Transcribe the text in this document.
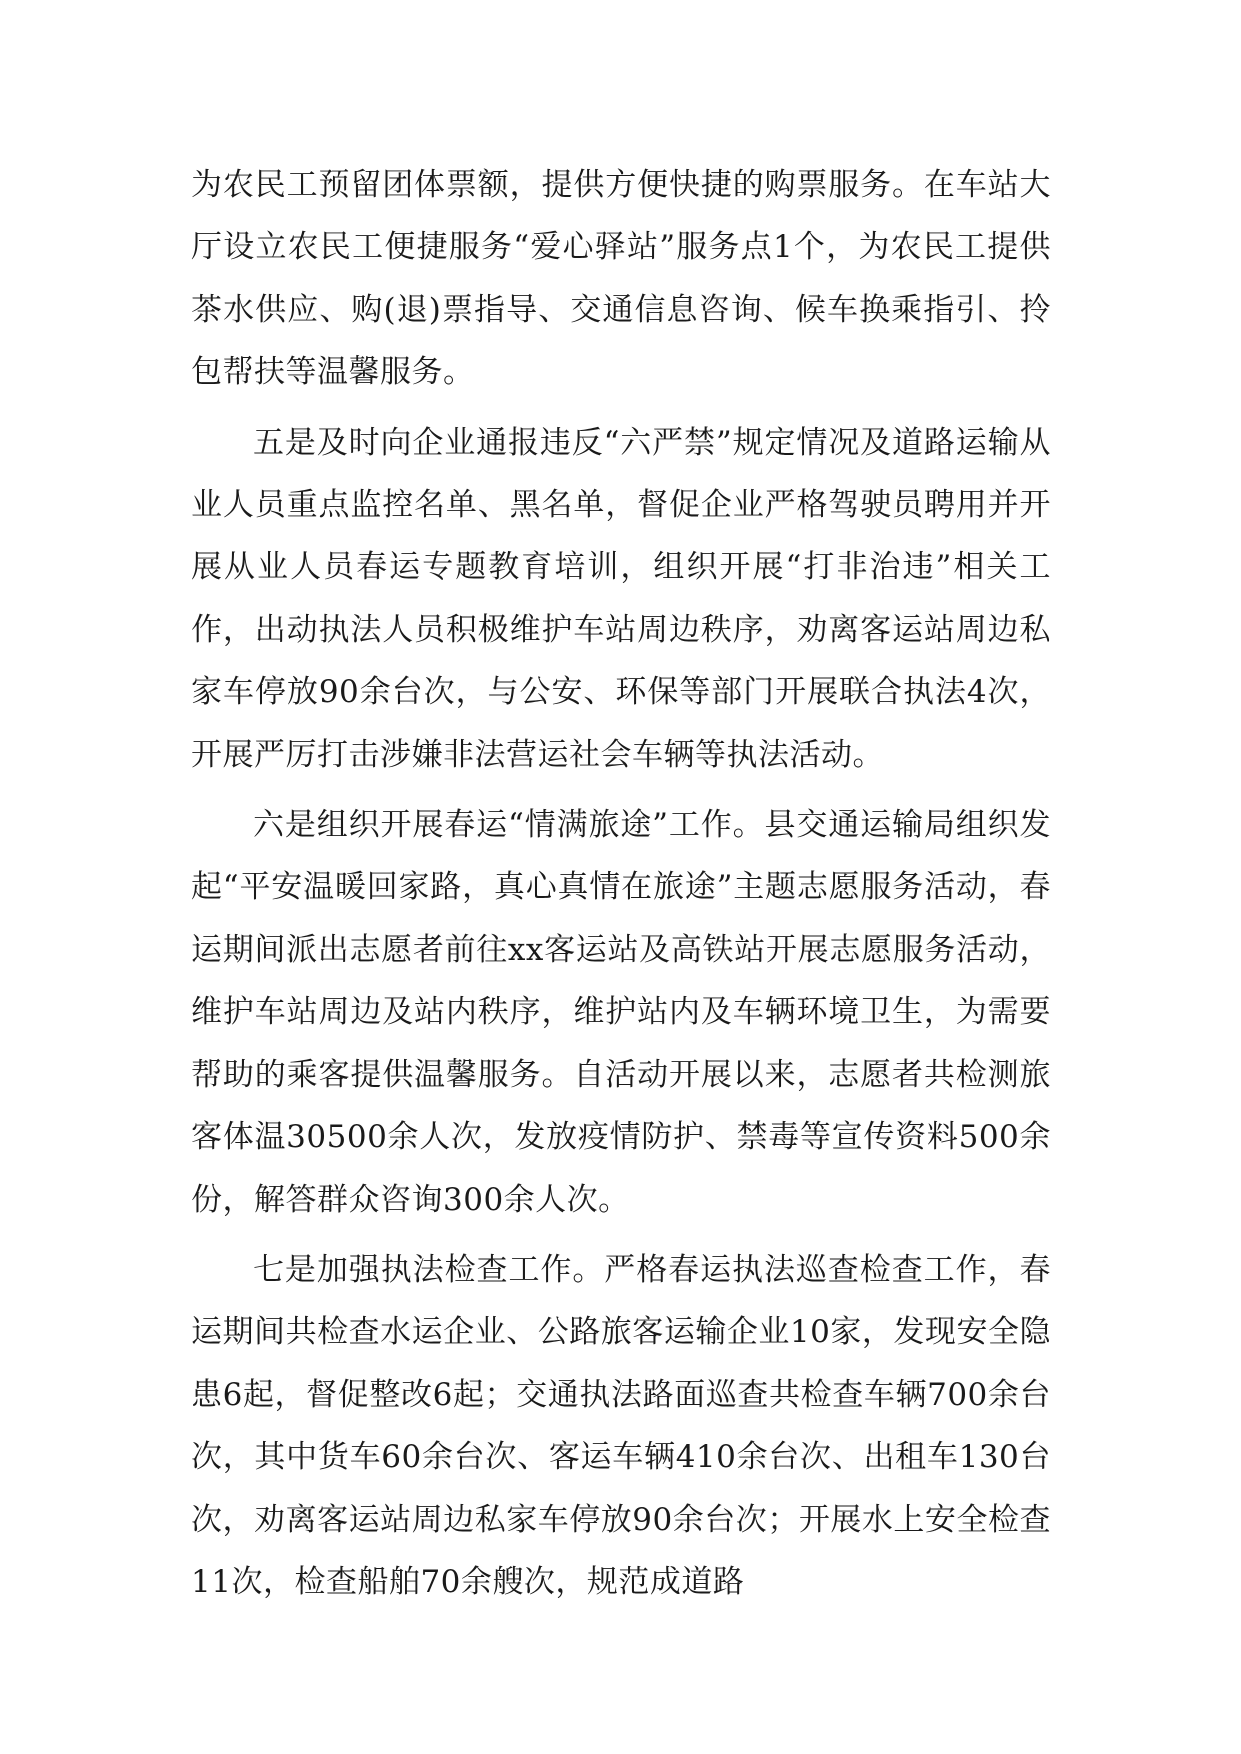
为农民工预留团体票额，提供方便快捷的购票服务。在车站大厅设立农民工便捷服务“爱心驿站”服务点1个，为农民工提供茶水供应、购(退)票指导、交通信息咨询、候车换乘指引、拎包帮扶等温馨服务。

五是及时向企业通报违反“六严禁”规定情况及道路运输从业人员重点监控名单、黑名单，督促企业严格驾驶员聘用并开展从业人员春运专题教育培训，组织开展“打非治违”相关工作，出动执法人员积极维护车站周边秩序，劝离客运站周边私家车停放90余台次，与公安、环保等部门开展联合执法4次，开展严厉打击涉嫌非法营运社会车辆等执法活动。

六是组织开展春运“情满旅途”工作。县交通运输局组织发起“平安温暖回家路，真心真情在旅途”主题志愿服务活动，春运期间派出志愿者前往xx客运站及高铁站开展志愿服务活动，维护车站周边及站内秩序，维护站内及车辆环境卫生，为需要帮助的乘客提供温馨服务。自活动开展以来，志愿者共检测旅客体温30500余人次，发放疫情防护、禁毒等宣传资料500余份，解答群众咨询300余人次。

七是加强执法检查工作。严格春运执法巡查检查工作，春运期间共检查水运企业、公路旅客运输企业10家，发现安全隐患6起，督促整改6起；交通执法路面巡查共检查车辆700余台次，其中货车60余台次、客运车辆410余台次、出租车130台次，劝离客运站周边私家车停放90余台次；开展水上安全检查11次，检查船舶70余艘次，规范成道路
